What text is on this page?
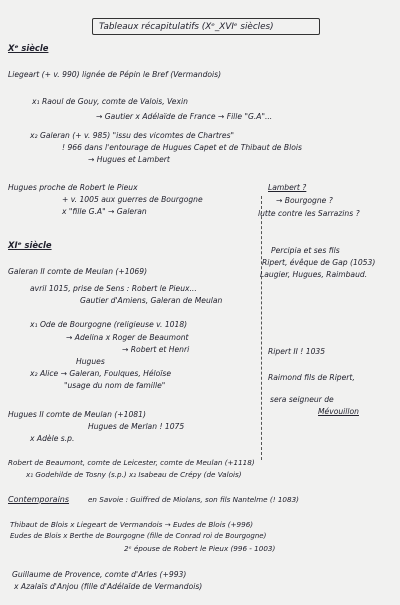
Tableaux récapitulatifs (Xᵉ_XVIᵉ siècles)
Xᵉ siècle
Liegeart (+ v. 990) lignée de Pépin le Bref (Vermandois)
x₁ Raoul de Gouy, comte de Valois, Vexin
→ Gautier x Adélaïde de France → Fille "G.A"...
x₂ Galeran (+ v. 985) "issu des vicomtes de Chartres"
! 966 dans l'entourage de Hugues Capet et de Thibaut de Blois
→ Hugues et Lambert
Hugues proche de Robert le Pieux
+ v. 1005 aux guerres de Bourgogne
x "fille G.A" → Galeran
Lambert ?
→ Bourgogne ?
lutte contre les Sarrazins ?
Percipia et ses fils
Ripert, évêque de Gap (1053)
Laugier, Hugues, Raimbaud.
Ripert II ! 1035
Raimond fils de Ripert,
sera seigneur de
Mévouillon
XIᵉ siècle
Galeran II comte de Meulan (+1069)
avril 1015, prise de Sens : Robert le Pieux...
Gautier d'Amiens, Galeran de Meulan
x₁ Ode de Bourgogne (religieuse v. 1018)
→ Adelina x Roger de Beaumont
→ Robert et Henri
Hugues
x₂ Alice → Galeran, Foulques, Héloïse
"usage du nom de famille"
Hugues II comte de Meulan (+1081)
Hugues de Merlan ! 1075
x Adèle s.p.
Robert de Beaumont, comte de Leicester, comte de Meulan (+1118)
x₁ Godehilde de Tosny (s.p.) x₂ Isabeau de Crépy (de Valois)
Contemporains	en Savoie : Guiffred de Miolans, son fils Nantelme (! 1083)
Thibaut de Blois x Liegeart de Vermandois → Eudes de Blois (+996)
Eudes de Blois x Berthe de Bourgogne (fille de Conrad roi de Bourgogne)
2ᵉ épouse de Robert le Pieux (996 - 1003)
Guillaume de Provence, comte d'Arles (+993)
x Azalaïs d'Anjou (fille d'Adélaïde de Vermandois)
